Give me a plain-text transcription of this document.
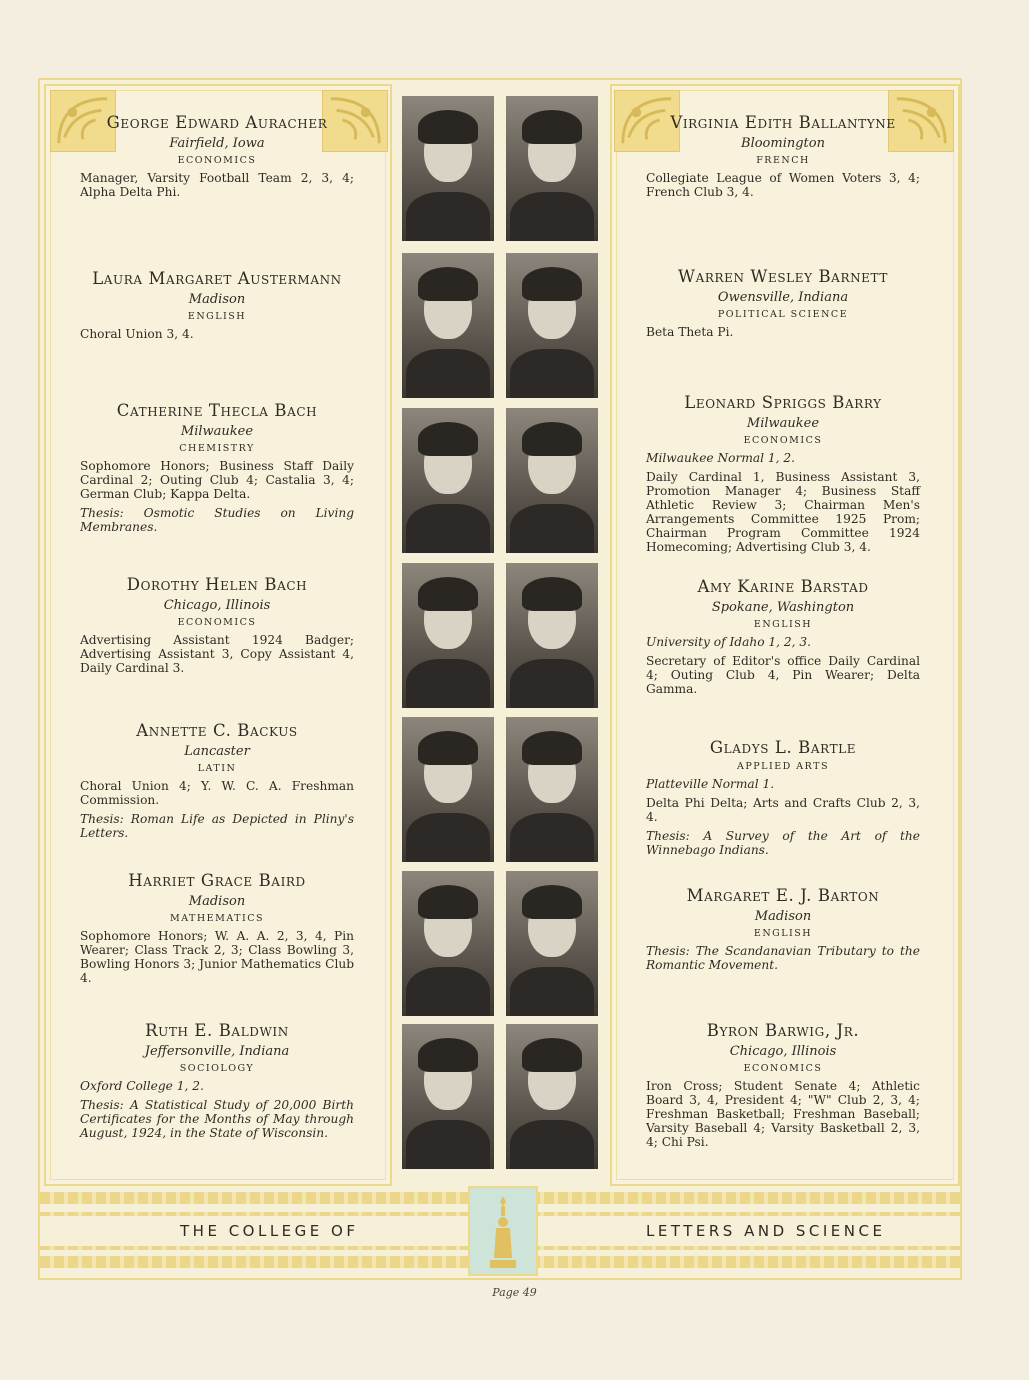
George Edward Auracher
Fairfield, Iowa
ECONOMICS
Manager, Varsity Football Team 2, 3, 4; Alpha Delta Phi.
Laura Margaret Austermann
Madison
ENGLISH
Choral Union 3, 4.
Catherine Thecla Bach
Milwaukee
CHEMISTRY
Sophomore Honors; Business Staff Daily Cardinal 2; Outing Club 4; Castalia 3, 4; German Club; Kappa Delta.
Thesis: Osmotic Studies on Living Membranes.
Dorothy Helen Bach
Chicago, Illinois
ECONOMICS
Advertising Assistant 1924 Badger; Advertising Assistant 3, Copy Assistant 4, Daily Cardinal 3.
Annette C. Backus
Lancaster
LATIN
Choral Union 4; Y. W. C. A. Freshman Commission.
Thesis: Roman Life as Depicted in Pliny's Letters.
Harriet Grace Baird
Madison
MATHEMATICS
Sophomore Honors; W. A. A. 2, 3, 4, Pin Wearer; Class Track 2, 3; Class Bowling 3, Bowling Honors 3; Junior Mathematics Club 4.
Ruth E. Baldwin
Jeffersonville, Indiana
SOCIOLOGY
Oxford College 1, 2.
Thesis: A Statistical Study of 20,000 Birth Certificates for the Months of May through August, 1924, in the State of Wisconsin.
Virginia Edith Ballantyne
Bloomington
FRENCH
Collegiate League of Women Voters 3, 4; French Club 3, 4.
Warren Wesley Barnett
Owensville, Indiana
POLITICAL SCIENCE
Beta Theta Pi.
Leonard Spriggs Barry
Milwaukee
ECONOMICS
Milwaukee Normal 1, 2.
Daily Cardinal 1, Business Assistant 3, Promotion Manager 4; Business Staff Athletic Review 3; Chairman Men's Arrangements Committee 1925 Prom; Chairman Program Committee 1924 Homecoming; Advertising Club 3, 4.
Amy Karine Barstad
Spokane, Washington
ENGLISH
University of Idaho 1, 2, 3.
Secretary of Editor's office Daily Cardinal 4; Outing Club 4, Pin Wearer; Delta Gamma.
Gladys L. Bartle
APPLIED ARTS
Platteville Normal 1.
Delta Phi Delta; Arts and Crafts Club 2, 3, 4.
Thesis: A Survey of the Art of the Winnebago Indians.
Margaret E. J. Barton
Madison
ENGLISH
Thesis: The Scandanavian Tributary to the Romantic Movement.
Byron Barwig, Jr.
Chicago, Illinois
ECONOMICS
Iron Cross; Student Senate 4; Athletic Board 3, 4, President 4; "W" Club 2, 3, 4; Freshman Basketball; Freshman Baseball; Varsity Baseball 4; Varsity Basketball 2, 3, 4; Chi Psi.
THE COLLEGE OF	LETTERS AND SCIENCE
Page 49
